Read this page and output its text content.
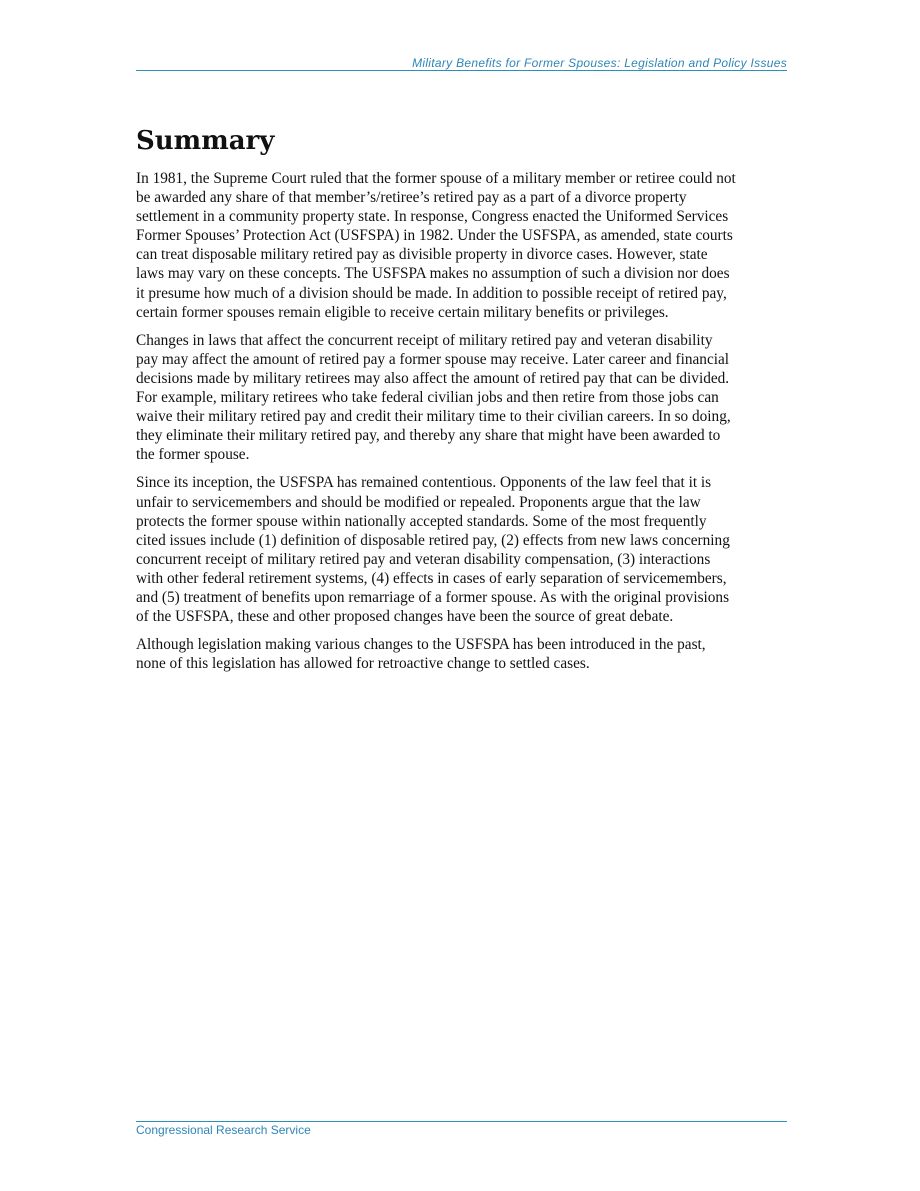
Military Benefits for Former Spouses: Legislation and Policy Issues
Summary

In 1981, the Supreme Court ruled that the former spouse of a military member or retiree could not
be awarded any share of that member’s/retiree’s retired pay as a part of a divorce property
settlement in a community property state. In response, Congress enacted the Uniformed Services
Former Spouses’ Protection Act (USFSPA) in 1982. Under the USFSPA, as amended, state courts
can treat disposable military retired pay as divisible property in divorce cases. However, state
laws may vary on these concepts. The USFSPA makes no assumption of such a division nor does
it presume how much of a division should be made. In addition to possible receipt of retired pay,
certain former spouses remain eligible to receive certain military benefits or privileges.

Changes in laws that affect the concurrent receipt of military retired pay and veteran disability
pay may affect the amount of retired pay a former spouse may receive. Later career and financial
decisions made by military retirees may also affect the amount of retired pay that can be divided.
For example, military retirees who take federal civilian jobs and then retire from those jobs can
waive their military retired pay and credit their military time to their civilian careers. In so doing,
they eliminate their military retired pay, and thereby any share that might have been awarded to
the former spouse.

Since its inception, the USFSPA has remained contentious. Opponents of the law feel that it is
unfair to servicemembers and should be modified or repealed. Proponents argue that the law
protects the former spouse within nationally accepted standards. Some of the most frequently
cited issues include (1) definition of disposable retired pay, (2) effects from new laws concerning
concurrent receipt of military retired pay and veteran disability compensation, (3) interactions
with other federal retirement systems, (4) effects in cases of early separation of servicemembers,
and (5) treatment of benefits upon remarriage of a former spouse. As with the original provisions
of the USFSPA, these and other proposed changes have been the source of great debate.

Although legislation making various changes to the USFSPA has been introduced in the past,
none of this legislation has allowed for retroactive change to settled cases.

Congressional Research Service
